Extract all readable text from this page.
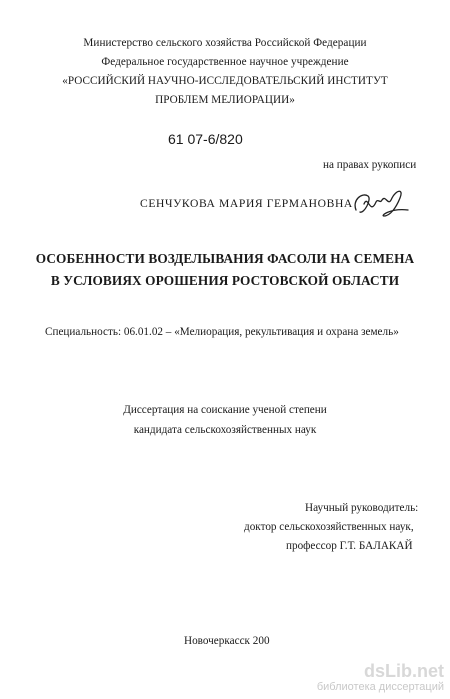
Министерство сельского хозяйства Российской Федерации
Федеральное государственное научное учреждение
«РОССИЙСКИЙ НАУЧНО-ИССЛЕДОВАТЕЛЬСКИЙ ИНСТИТУТ
ПРОБЛЕМ МЕЛИОРАЦИИ»
61 07-6/820
на правах рукописи
СЕНЧУКОВА МАРИЯ ГЕРМАНОВНА
ОСОБЕННОСТИ ВОЗДЕЛЫВАНИЯ ФАСОЛИ НА СЕМЕНА
В УСЛОВИЯХ ОРОШЕНИЯ РОСТОВСКОЙ ОБЛАСТИ
Специальность: 06.01.02 – «Мелиорация, рекультивация и охрана земель»
Диссертация на соискание ученой степени
кандидата сельскохозяйственных наук
Научный руководитель:
доктор сельскохозяйственных наук,
профессор Г.Т. БАЛАКАЙ
Новочеркасск 200
dsLib.net
библиотека диссертаций
